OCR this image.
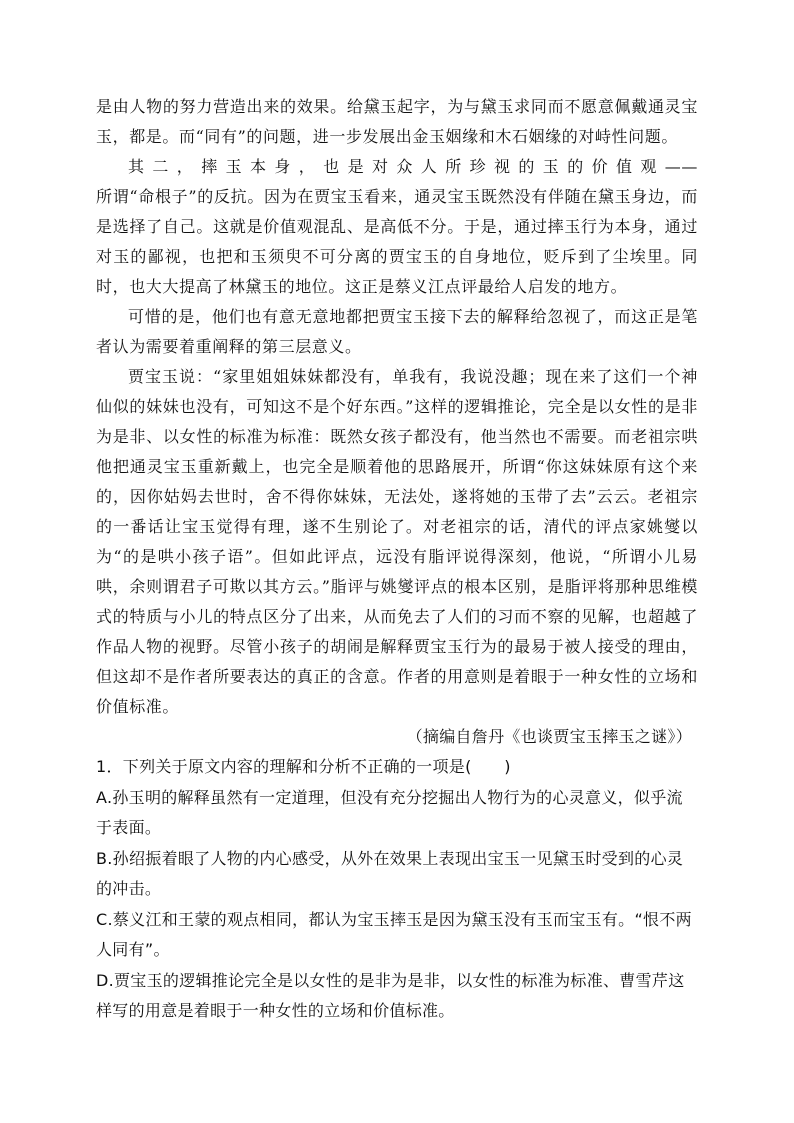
是由人物的努力营造出来的效果。给黛玉起字，为与黛玉求同而不愿意佩戴通灵宝玉，都是。而“同有”的问题，进一步发展出金玉姻缘和木石姻缘的对峙性问题。

其二，摔玉本身，也是对众人所珍视的玉的价值观——

所谓“命根子”的反抗。因为在贾宝玉看来，通灵宝玉既然没有伴随在黛玉身边，而是选择了自己。这就是价值观混乱、是高低不分。于是，通过摔玉行为本身，通过对玉的鄙视，也把和玉须臾不可分离的贾宝玉的自身地位，贬斥到了尘埃里。同时，也大大提高了林黛玉的地位。这正是蔡义江点评最给人启发的地方。

可惜的是，他们也有意无意地都把贾宝玉接下去的解释给忽视了，而这正是笔者认为需要着重阐释的第三层意义。

贾宝玉说：“家里姐姐妹妹都没有，单我有，我说没趣；现在来了这们一个神仙似的妹妹也没有，可知这不是个好东西。”这样的逻辑推论，完全是以女性的是非为是非、以女性的标准为标准：既然女孩子都没有，他当然也不需要。而老祖宗哄他把通灵宝玉重新戴上，也完全是顺着他的思路展开，所谓“你这妹妹原有这个来的，因你姑妈去世时，舍不得你妹妹，无法处，遂将她的玉带了去”云云。老祖宗的一番话让宝玉觉得有理，遂不生别论了。对老祖宗的话，清代的评点家姚燮以为“的是哄小孩子语”。但如此评点，远没有脂评说得深刻，他说，“所谓小儿易哄，余则谓君子可欺以其方云。”脂评与姚燮评点的根本区别，是脂评将那种思维模式的特质与小儿的特点区分了出来，从而免去了人们的习而不察的见解，也超越了作品人物的视野。尽管小孩子的胡闹是解释贾宝玉行为的最易于被人接受的理由，但这却不是作者所要表达的真正的含意。作者的用意则是着眼于一种女性的立场和价值标准。

（摘编自詹丹《也谈贾宝玉摔玉之谜》）

1．下列关于原文内容的理解和分析不正确的一项是(　　)

A.孙玉明的解释虽然有一定道理，但没有充分挖掘出人物行为的心灵意义，似乎流于表面。

B.孙绍振着眼了人物的内心感受，从外在效果上表现出宝玉一见黛玉时受到的心灵的冲击。

C.蔡义江和王蒙的观点相同，都认为宝玉摔玉是因为黛玉没有玉而宝玉有。“恨不两人同有”。

D.贾宝玉的逻辑推论完全是以女性的是非为是非，以女性的标准为标准、曹雪芹这样写的用意是着眼于一种女性的立场和价值标准。
